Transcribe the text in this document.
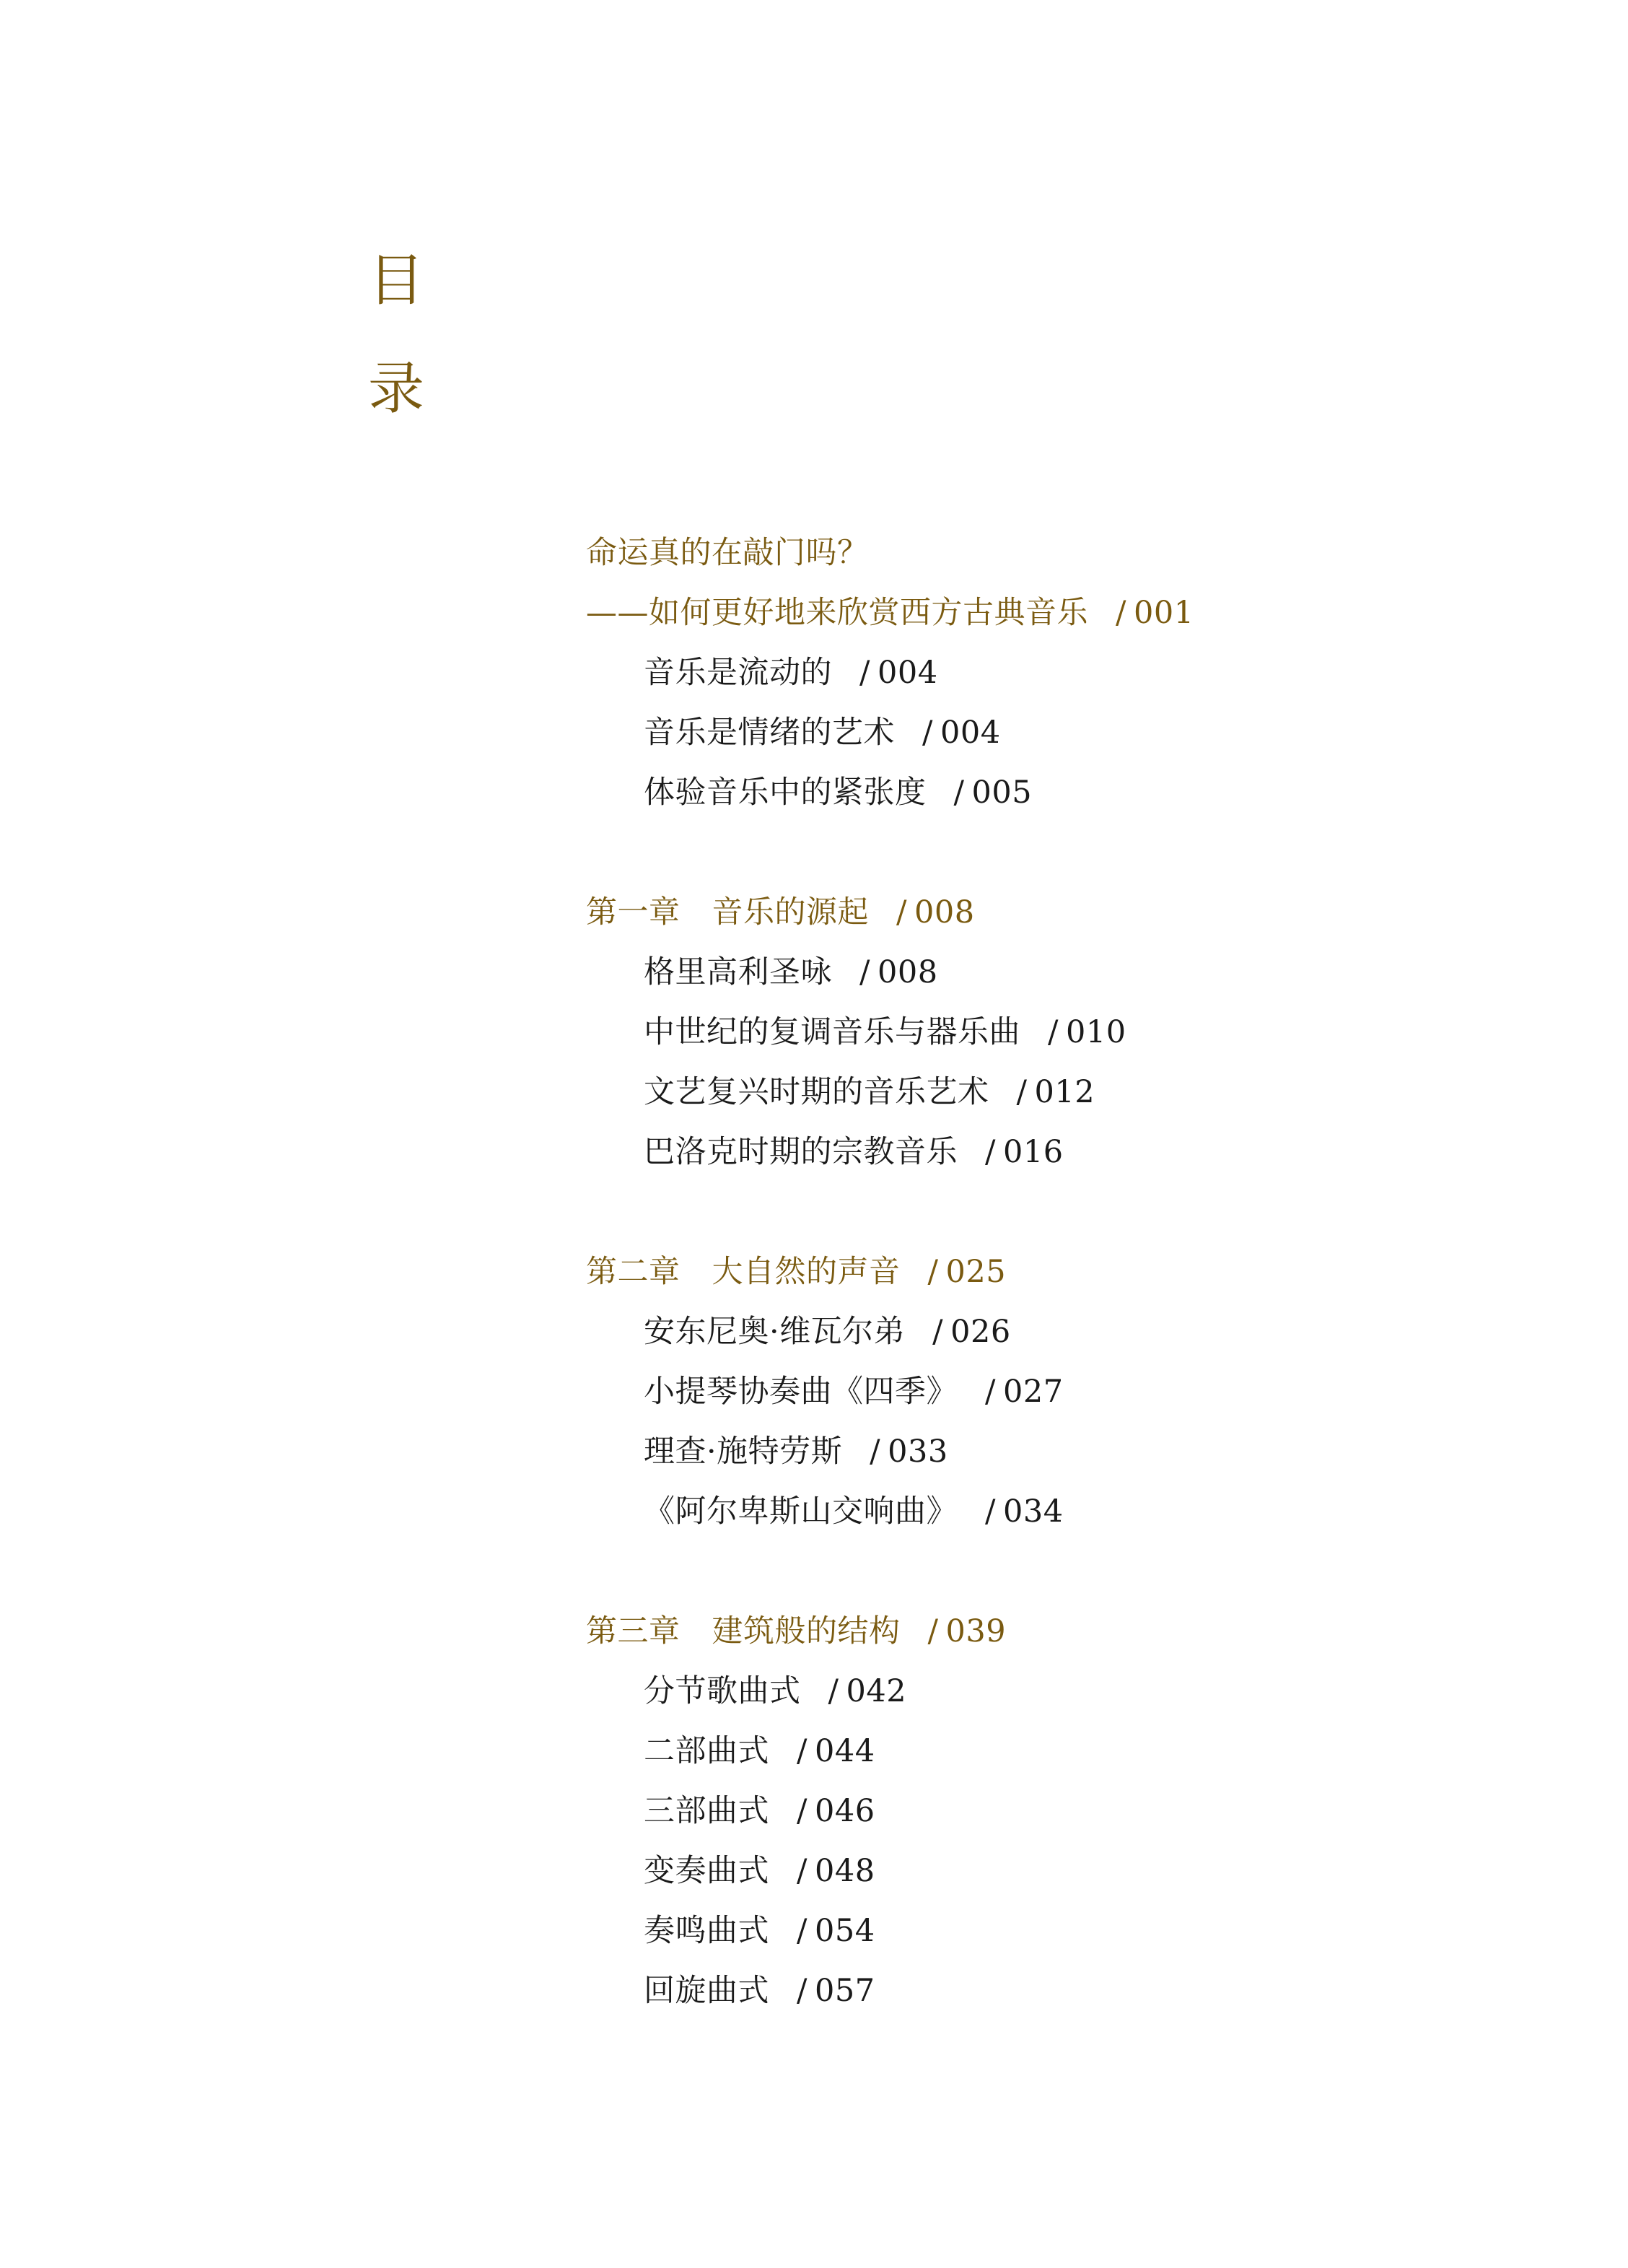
目
录
命运真的在敲门吗？
——如何更好地来欣赏西方古典音乐 / 001
音乐是流动的 / 004
音乐是情绪的艺术 / 004
体验音乐中的紧张度 / 005
第一章 音乐的源起 / 008
格里高利圣咏 / 008
中世纪的复调音乐与器乐曲 / 010
文艺复兴时期的音乐艺术 / 012
巴洛克时期的宗教音乐 / 016
第二章 大自然的声音 / 025
安东尼奥·维瓦尔弟 / 026
小提琴协奏曲《四季》 / 027
理查·施特劳斯 / 033
《阿尔卑斯山交响曲》 / 034
第三章 建筑般的结构 / 039
分节歌曲式 / 042
二部曲式 / 044
三部曲式 / 046
变奏曲式 / 048
奏鸣曲式 / 054
回旋曲式 / 057
